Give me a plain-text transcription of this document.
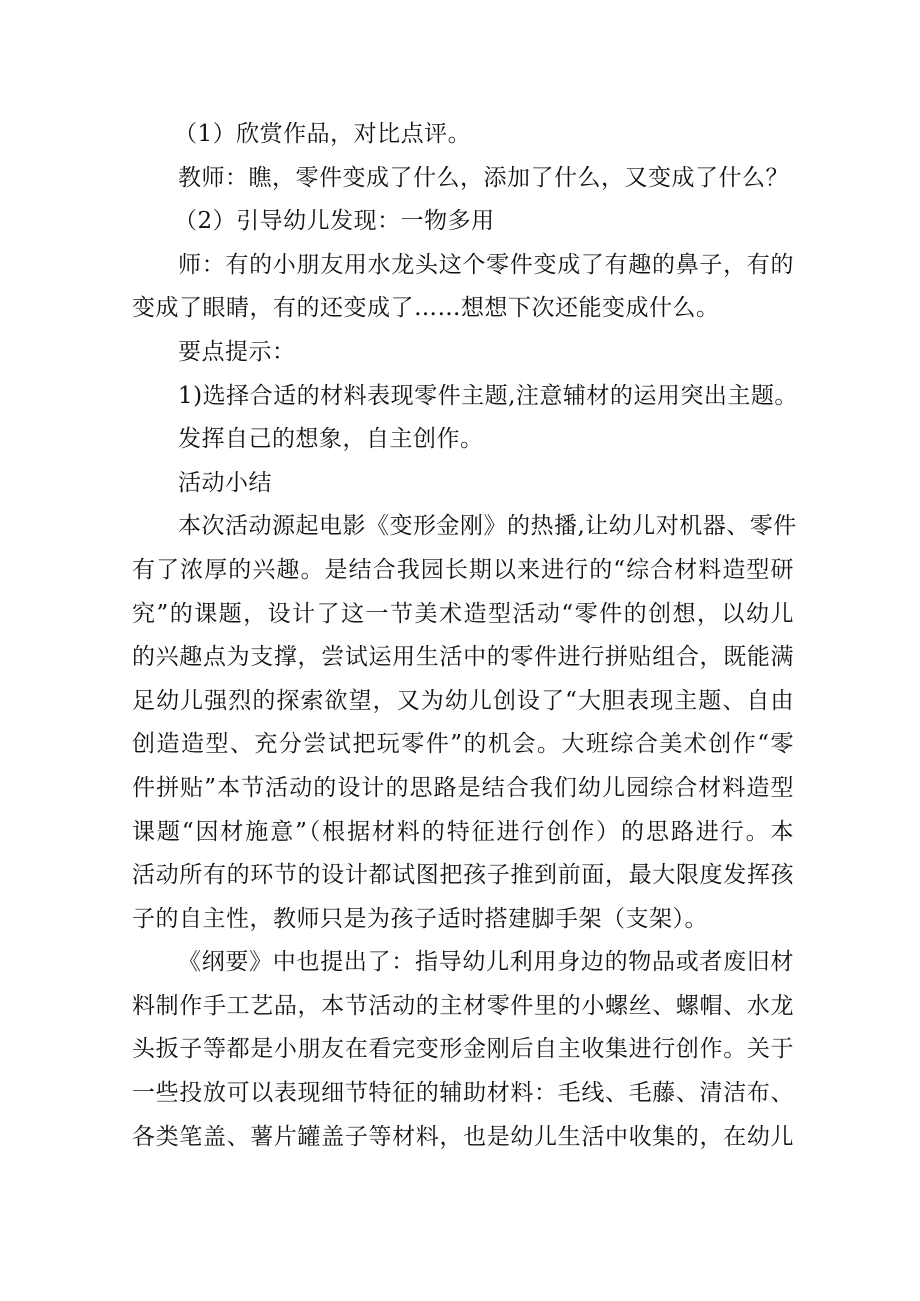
（1）欣赏作品，对比点评。
教师：瞧，零件变成了什么，添加了什么，又变成了什么？
（2）引导幼儿发现：一物多用
师：有的小朋友用水龙头这个零件变成了有趣的鼻子，有的
变成了眼睛，有的还变成了……想想下次还能变成什么。
要点提示：
1)选择合适的材料表现零件主题,注意辅材的运用突出主题。
发挥自己的想象，自主创作。
活动小结
本次活动源起电影《变形金刚》的热播,让幼儿对机器、零件
有了浓厚的兴趣。是结合我园长期以来进行的“综合材料造型研
究”的课题，设计了这一节美术造型活动“零件的创想，以幼儿
的兴趣点为支撑，尝试运用生活中的零件进行拼贴组合，既能满
足幼儿强烈的探索欲望，又为幼儿创设了“大胆表现主题、自由
创造造型、充分尝试把玩零件”的机会。大班综合美术创作“零
件拼贴”本节活动的设计的思路是结合我们幼儿园综合材料造型
课题“因材施意”（根据材料的特征进行创作）的思路进行。本
活动所有的环节的设计都试图把孩子推到前面，最大限度发挥孩
子的自主性，教师只是为孩子适时搭建脚手架（支架）。
《纲要》中也提出了：指导幼儿利用身边的物品或者废旧材
料制作手工艺品，本节活动的主材零件里的小螺丝、螺帽、水龙
头扳子等都是小朋友在看完变形金刚后自主收集进行创作。关于
一些投放可以表现细节特征的辅助材料：毛线、毛藤、清洁布、
各类笔盖、薯片罐盖子等材料，也是幼儿生活中收集的，在幼儿
